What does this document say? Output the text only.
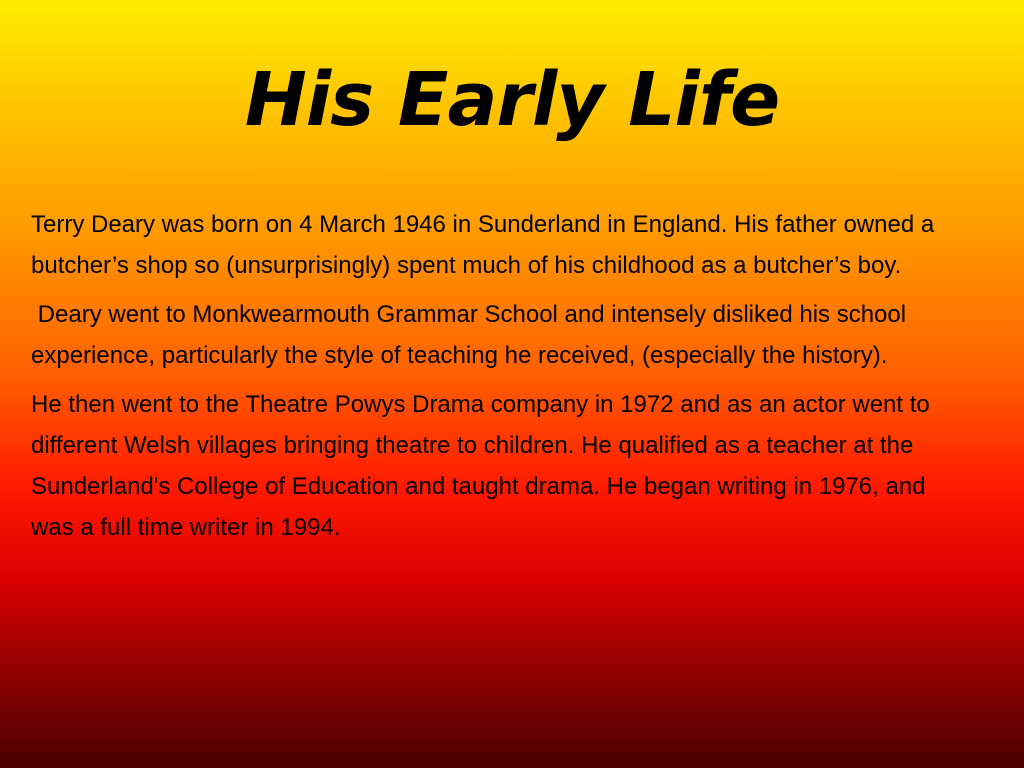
His Early Life

Terry Deary was born on 4 March 1946 in Sunderland in England. His father owned a butcher’s shop so (unsurprisingly) spent much of his childhood as a butcher’s boy.

Deary went to Monkwearmouth Grammar School and intensely disliked his school experience, particularly the style of teaching he received, (especially the history).

He then went to the Theatre Powys Drama company in 1972 and as an actor went to different Welsh villages bringing theatre to children. He qualified as a teacher at the Sunderland's College of Education and taught drama. He began writing in 1976, and was a full time writer in 1994.
